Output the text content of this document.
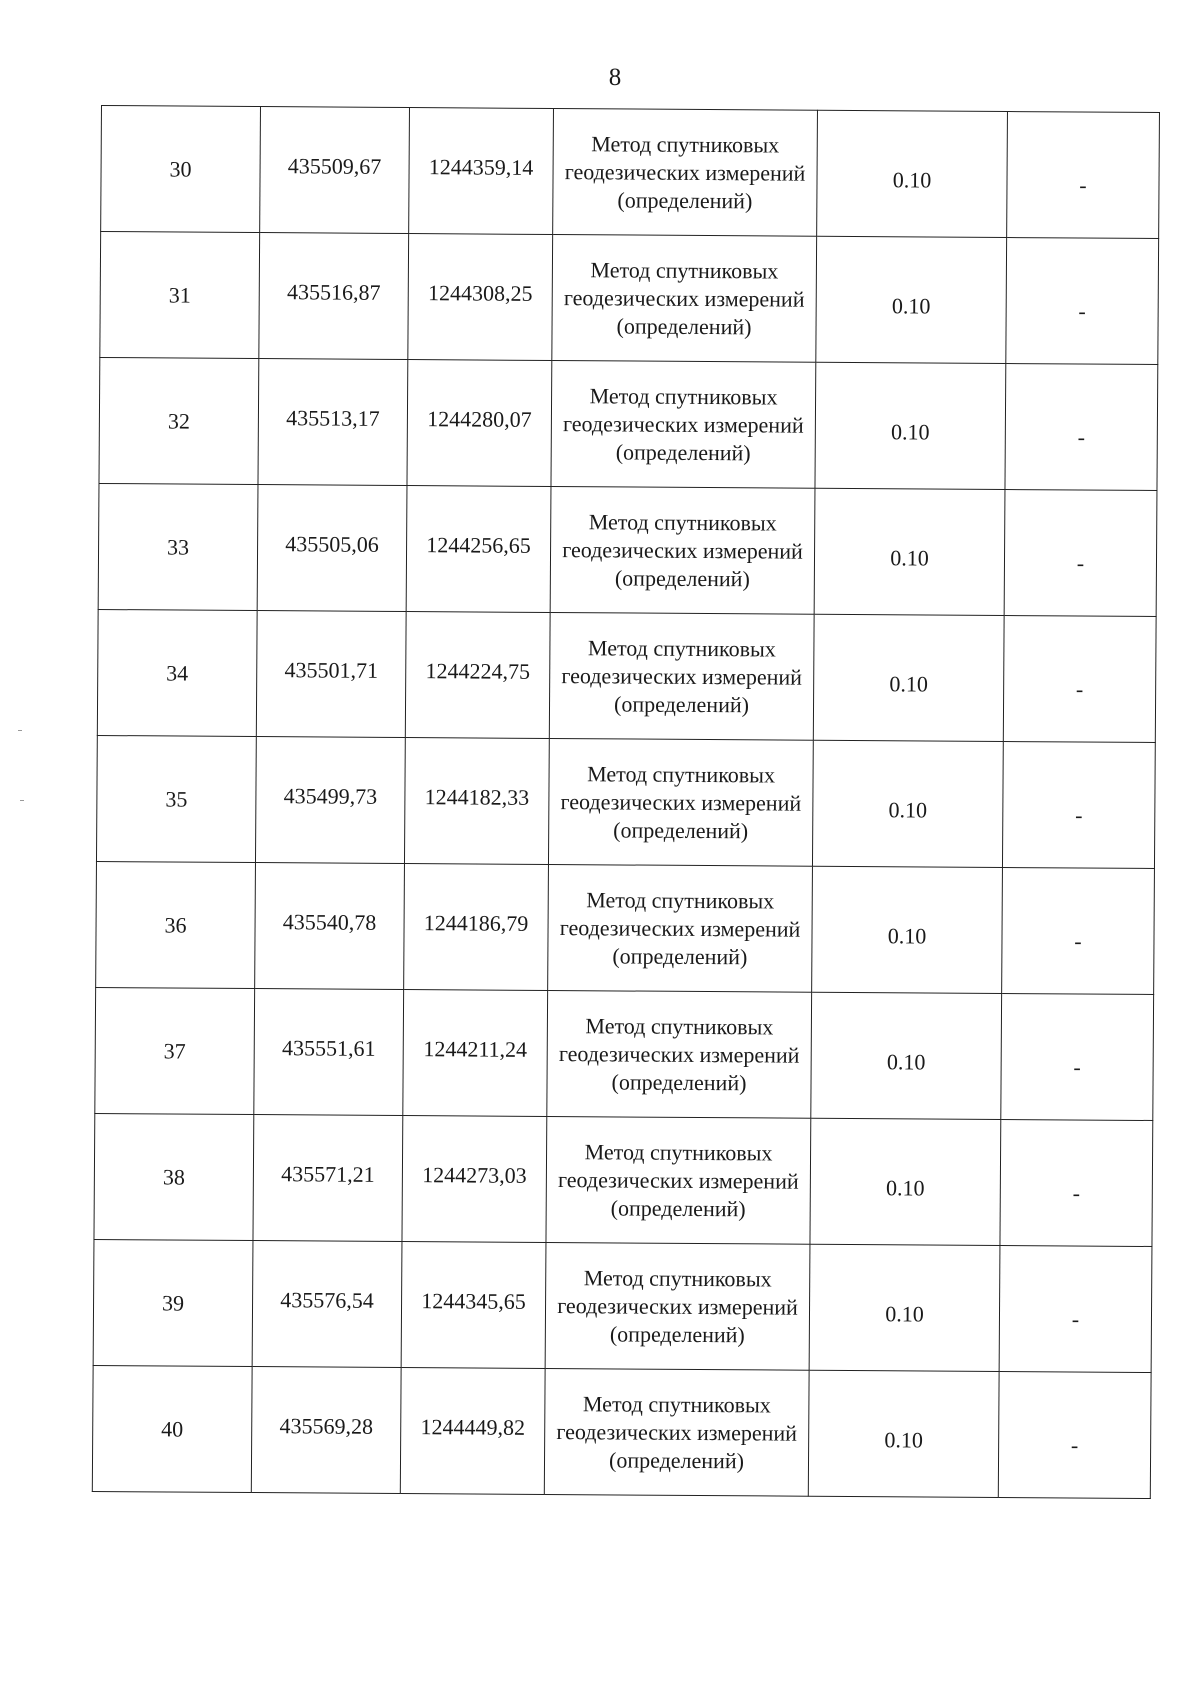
8
30	435509,67	1244359,14	Метод спутниковых геодезических измерений (определений)	0.10	-
31	435516,87	1244308,25	Метод спутниковых геодезических измерений (определений)	0.10	-
32	435513,17	1244280,07	Метод спутниковых геодезических измерений (определений)	0.10	-
33	435505,06	1244256,65	Метод спутниковых геодезических измерений (определений)	0.10	-
34	435501,71	1244224,75	Метод спутниковых геодезических измерений (определений)	0.10	-
35	435499,73	1244182,33	Метод спутниковых геодезических измерений (определений)	0.10	-
36	435540,78	1244186,79	Метод спутниковых геодезических измерений (определений)	0.10	-
37	435551,61	1244211,24	Метод спутниковых геодезических измерений (определений)	0.10	-
38	435571,21	1244273,03	Метод спутниковых геодезических измерений (определений)	0.10	-
39	435576,54	1244345,65	Метод спутниковых геодезических измерений (определений)	0.10	-
40	435569,28	1244449,82	Метод спутниковых геодезических измерений (определений)	0.10	-
